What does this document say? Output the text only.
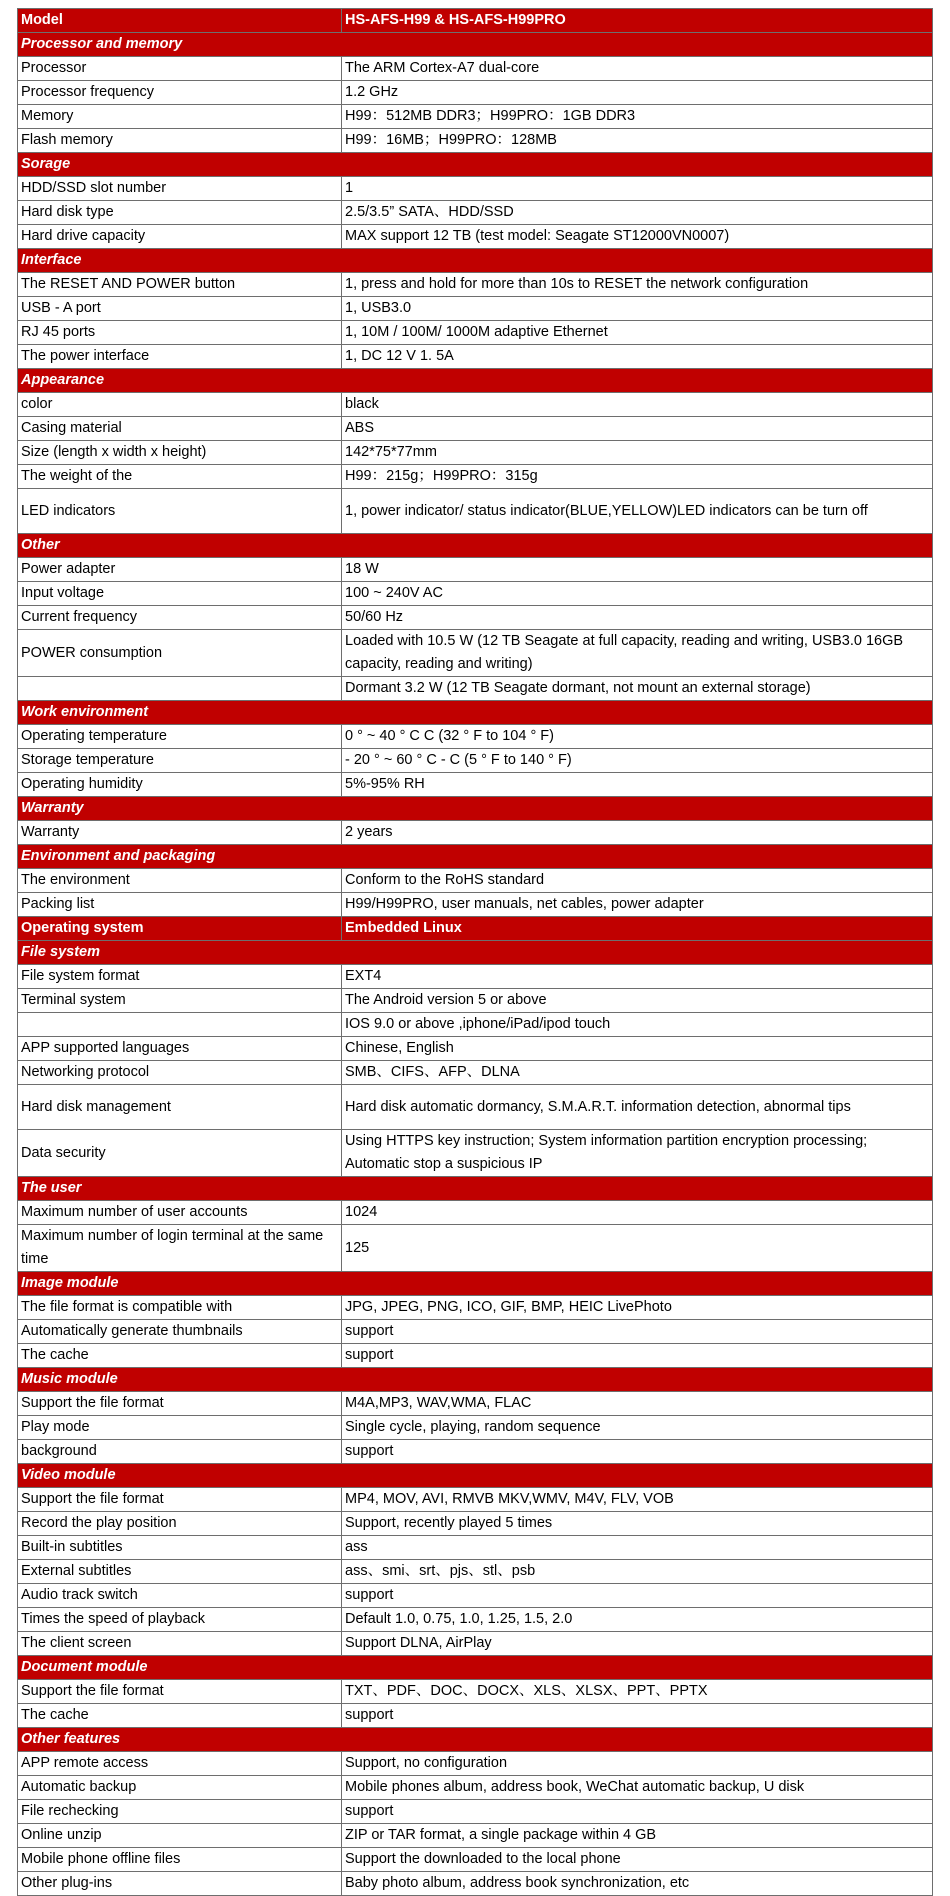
Model	HS-AFS-H99 & HS-AFS-H99PRO
Processor and memory	
Processor	The ARM Cortex-A7 dual-core
Processor frequency	1.2 GHz
Memory	H99：512MB DDR3；H99PRO：1GB DDR3
Flash memory	H99：16MB；H99PRO：128MB
Sorage	
HDD/SSD slot number	1
Hard disk type	2.5/3.5” SATA、HDD/SSD
Hard drive capacity	MAX support 12 TB (test model: Seagate ST12000VN0007)
Interface	
The RESET AND POWER button	1, press and hold for more than 10s to RESET the network configuration
USB - A port	1, USB3.0
RJ 45 ports	1, 10M / 100M/ 1000M adaptive Ethernet
The power interface	1, DC 12 V 1. 5A
Appearance	
color	black
Casing material	ABS
Size (length x width x height)	142*75*77mm
The weight of the	H99：215g；H99PRO：315g
LED indicators	1, power indicator/ status indicator(BLUE,YELLOW)LED indicators can be turn off
Other	
Power adapter	18 W
Input voltage	100 ~ 240V AC
Current frequency	50/60 Hz
POWER consumption	Loaded with 10.5 W (12 TB Seagate at full capacity, reading and writing, USB3.0 16GB capacity, reading and writing)
	Dormant 3.2 W (12 TB Seagate dormant, not mount an external storage)
Work environment	
Operating temperature	0 ° ~ 40 ° C C (32 ° F to 104 ° F)
Storage temperature	- 20 ° ~ 60 ° C - C (5 ° F to 140 ° F)
Operating humidity	5%-95% RH
Warranty	
Warranty	2 years
Environment and packaging	
The environment	Conform to the RoHS standard
Packing list	H99/H99PRO, user manuals, net cables, power adapter
Operating system	Embedded Linux
File system	
File system format	EXT4
Terminal system	The Android version 5 or above
	IOS 9.0 or above ,iphone/iPad/ipod touch
APP supported languages	Chinese, English
Networking protocol	SMB、CIFS、AFP、DLNA
Hard disk management	Hard disk automatic dormancy, S.M.A.R.T. information detection, abnormal tips
Data security	Using HTTPS key instruction; System information partition encryption processing; Automatic stop a suspicious IP
The user	
Maximum number of user accounts	1024
Maximum number of login terminal at the same time	125
Image module	
The file format is compatible with	JPG, JPEG, PNG, ICO, GIF, BMP, HEIC LivePhoto
Automatically generate thumbnails	support
The cache	support
Music module	
Support the file format	M4A,MP3, WAV,WMA, FLAC
Play mode	Single cycle, playing, random sequence
background	support
Video module	
Support the file format	MP4, MOV, AVI, RMVB MKV,WMV, M4V, FLV, VOB
Record the play position	Support, recently played 5 times
Built-in subtitles	ass
External subtitles	ass、smi、srt、pjs、stl、psb
Audio track switch	support
Times the speed of playback	Default 1.0, 0.75, 1.0, 1.25, 1.5, 2.0
The client screen	Support DLNA, AirPlay
Document module	
Support the file format	TXT、PDF、DOC、DOCX、XLS、XLSX、PPT、PPTX
The cache	support
Other features	
APP remote access	Support, no configuration
Automatic backup	Mobile phones album, address book, WeChat automatic backup, U disk
File rechecking	support
Online unzip	ZIP or TAR format, a single package within 4 GB
Mobile phone offline files	Support the downloaded to the local phone
Other plug-ins	Baby photo album, address book synchronization, etc
